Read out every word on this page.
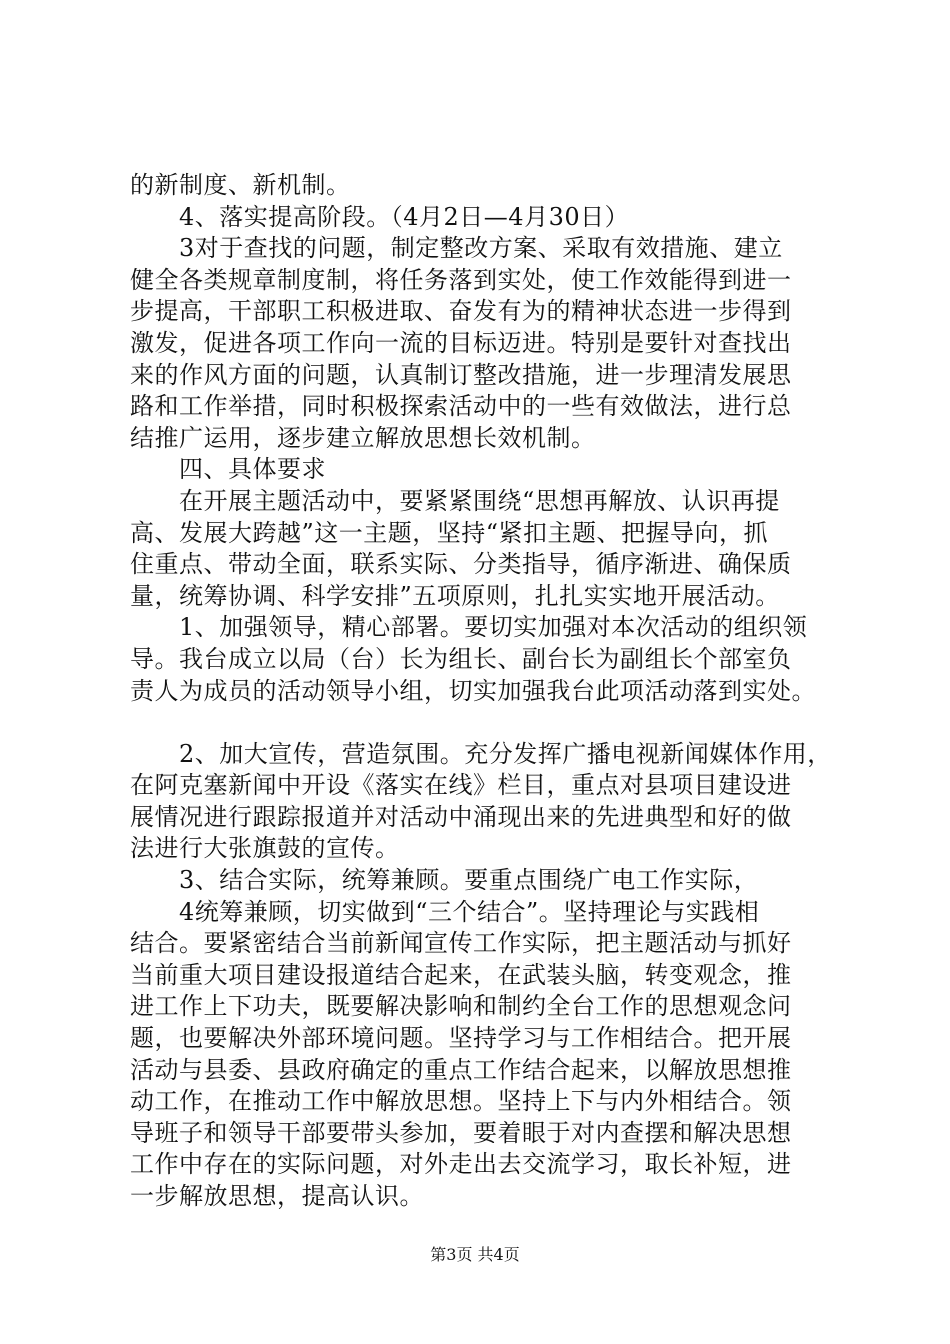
的新制度、新机制。
　　4、落实提高阶段。（4月2日—4月30日）
　　3对于查找的问题，制定整改方案、采取有效措施、建立
健全各类规章制度制，将任务落到实处，使工作效能得到进一
步提高，干部职工积极进取、奋发有为的精神状态进一步得到
激发，促进各项工作向一流的目标迈进。特别是要针对查找出
来的作风方面的问题，认真制订整改措施，进一步理清发展思
路和工作举措，同时积极探索活动中的一些有效做法，进行总
结推广运用，逐步建立解放思想长效机制。
　　四、具体要求
　　在开展主题活动中，要紧紧围绕“思想再解放、认识再提
高、发展大跨越”这一主题，坚持“紧扣主题、把握导向，抓
住重点、带动全面，联系实际、分类指导，循序渐进、确保质
量，统筹协调、科学安排”五项原则，扎扎实实地开展活动。
　　1、加强领导，精心部署。要切实加强对本次活动的组织领
导。我台成立以局（台）长为组长、副台长为副组长个部室负
责人为成员的活动领导小组，切实加强我台此项活动落到实处。
　　2、加大宣传，营造氛围。充分发挥广播电视新闻媒体作用，
在阿克塞新闻中开设《落实在线》栏目，重点对县项目建设进
展情况进行跟踪报道并对活动中涌现出来的先进典型和好的做
法进行大张旗鼓的宣传。
　　3、结合实际，统筹兼顾。要重点围绕广电工作实际，
　　4统筹兼顾，切实做到“三个结合”。坚持理论与实践相
结合。要紧密结合当前新闻宣传工作实际，把主题活动与抓好
当前重大项目建设报道结合起来，在武装头脑，转变观念，推
进工作上下功夫，既要解决影响和制约全台工作的思想观念问
题，也要解决外部环境问题。坚持学习与工作相结合。把开展
活动与县委、县政府确定的重点工作结合起来，以解放思想推
动工作，在推动工作中解放思想。坚持上下与内外相结合。领
导班子和领导干部要带头参加，要着眼于对内查摆和解决思想
工作中存在的实际问题，对外走出去交流学习，取长补短，进
一步解放思想，提高认识。
第3页 共4页
